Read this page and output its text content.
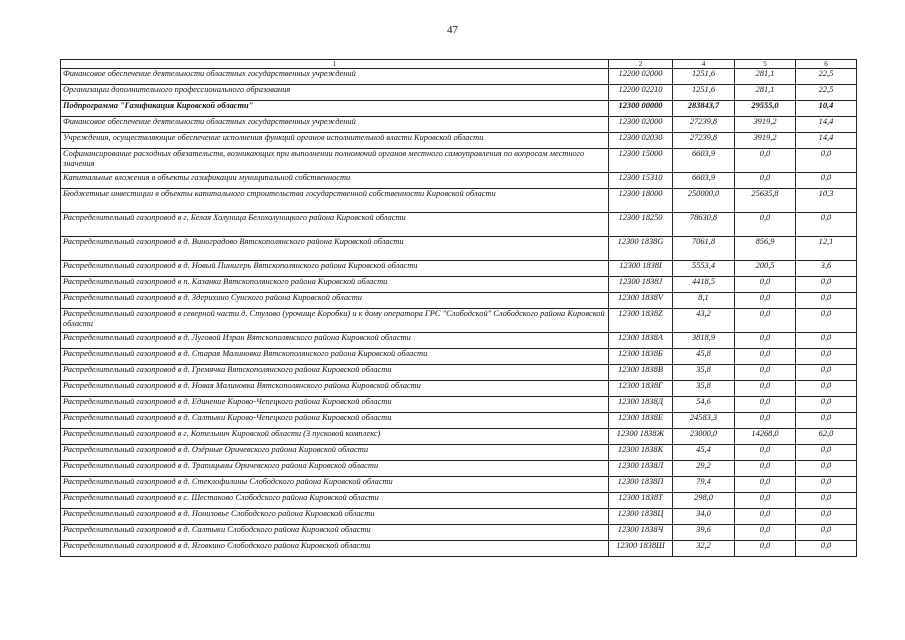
47
1	2	4	5	6
Финансовое обеспечение деятельности областных государственных учреждений	12200 02000	1251,6	281,1	22,5
Организации дополнительного профессионального образования	12200 02210	1251,6	281,1	22,5
Подпрограмма "Газификация Кировской области"	12300 00000	283843,7	29555,0	10,4
Финансовое обеспечение деятельности областных государственных учреждений	12300 02000	27239,8	3919,2	14,4
Учреждения, осуществляющие обеспечение исполнения функций органов исполнительной власти Кировской области	12300 02030	27239,8	3919,2	14,4
Софинансирование расходных обязательств, возникающих при выполнении полномочий органов местного самоуправления по вопросам местного значения	12300 15000	6603,9	0,0	0,0
Капитальные вложения в объекты газификации муниципальной собственности	12300 15310	6603,9	0,0	0,0
Бюджетные инвестиции в объекты капитального строительства государственной собственности Кировской области	12300 18000	250000,0	25635,8	10,3
Распределительный газопровод в г. Белая Холуница Белохолуницкого района Кировской области	12300 18250	78630,8	0,0	0,0
Распределительный газопровод в д. Виноградово Вятскополянского района Кировской области	12300 1838G	7061,8	856,9	12,1
Распределительный газопровод в д. Новый Пинигерь Вятскополянского района Кировской области	12300 1838I	5553,4	200,5	3,6
Распределительный газопровод в п. Казанка Вятскополянского района Кировской области	12300 1838J	4418,5	0,0	0,0
Распределительный газопровод в д. Здерихино Сунского района Кировской области	12300 1838V	8,1	0,0	0,0
Распределительный газопровод в северной части д. Стулово (урочище Коробки) и к дому оператора ГРС "Слободской" Слободского района Кировской области	12300 1838Z	43,2	0,0	0,0
Распределительный газопровод в д. Луговой Изран Вятскополянского района Кировской области	12300 1838А	3818,9	0,0	0,0
Распределительный газопровод в д. Старая Малиновка Вятскополянского района Кировской области	12300 1838Б	45,8	0,0	0,0
Распределительный газопровод в д. Гремячка Вятскополянского района Кировской области	12300 1838В	35,8	0,0	0,0
Распределительный газопровод в д. Новая Малиновка Вятскополянского района Кировской области	12300 1838Г	35,8	0,0	0,0
Распределительный газопровод в д. Единение Кирово-Чепецкого района Кировской области	12300 1838Д	54,6	0,0	0,0
Распределительный газопровод в д. Салтыки Кирово-Чепецкого района Кировской области	12300 1838Е	24583,3	0,0	0,0
Распределительный газопровод в г. Котельнич Кировской области (3 пусковой комплекс)	12300 1838Ж	23000,0	14268,0	62,0
Распределительный газопровод в д. Озёрные Оричевского района Кировской области	12300 1838К	45,4	0,0	0,0
Распределительный газопровод в д. Трапицыны Оричевского района Кировской области	12300 1838Л	29,2	0,0	0,0
Распределительный газопровод в д. Стеклофилины Слободского района Кировской области	12300 1838П	79,4	0,0	0,0
Распределительный газопровод в с. Шестаково Слободского района Кировской области	12300 1838Т	298,0	0,0	0,0
Распределительный газопровод в д. Понизовье Слободского района Кировской области	12300 1838Ц	34,0	0,0	0,0
Распределительный газопровод в д. Салтыки Слободского района Кировской области	12300 1838Ч	39,6	0,0	0,0
Распределительный газопровод в д. Яговкино Слободского района Кировской области	12300 1838Ш	32,2	0,0	0,0
